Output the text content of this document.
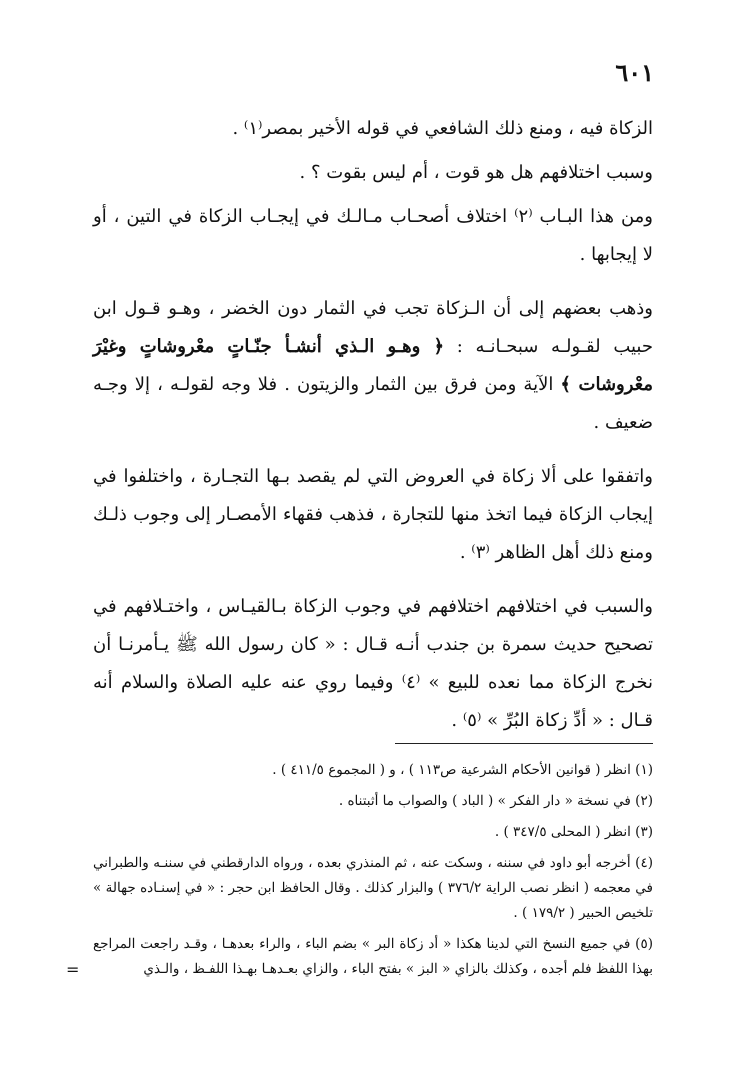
٦٠١

الزكاة فيه ، ومنع ذلك الشافعي في قوله الأخير بمصر⁽١⁾ .

وسبب اختلافهم هل هو قوت ، أم ليس بقوت ؟ .

ومن هذا البـاب ⁽٢⁾ اختلاف أصحـاب مـالـك في إيجـاب الزكاة في التين ، أو لا إيجابها .

وذهب بعضهم إلى أن الـزكاة تجب في الثمار دون الخضر ، وهـو قـول ابن حبيب لقـولـه سبحـانـه : ﴿ وهـو الـذي أنشـأ جنّـاتٍ معْروشاتٍ وغيْرَ معْروشات ﴾ الآية ومن فرق بين الثمار والزيتون . فلا وجه لقولـه ، إلا وجـه ضعيف .

واتفقوا على ألا زكاة في العروض التي لم يقصد بـها التجـارة ، واختلفوا في إيجاب الزكاة فيما اتخذ منها للتجارة ، فذهب فقهاء الأمصـار إلى وجوب ذلـك ومنع ذلك أهل الظاهر ⁽٣⁾ .

والسبب في اختلافهم اختلافهم في وجوب الزكاة بـالقيـاس ، واختـلافهم في تصحيح حديث سمرة بن جندب أنـه قـال : « كان رسول الله ﷺ يـأمرنـا أن نخرج الزكاة مما نعده للبيع » ⁽٤⁾ وفيما روي عنه عليه الصلاة والسلام أنه قـال : « أدِّ زكاة البُرِّ » ⁽٥⁾ .

(١) انظر ( قوانين الأحكام الشرعية ص١١٣ ) ، و ( المجموع ٤١١/٥ ) .

(٢) في نسخة « دار الفكر » ( الباد ) والصواب ما أثبتناه .

(٣) انظر ( المحلى ٣٤٧/٥ ) .

(٤) أخرجه أبو داود في سننه ، وسكت عنه ، ثم المنذري بعده ، ورواه الدارقطني في سننـه والطبراني في معجمه ( انظر نصب الراية ٣٧٦/٢ ) والبزار كذلك . وقال الحافظ ابن حجر : « في إسنـاده جهالة » تلخيص الحبير ( ١٧٩/٢ ) .

(٥) في جميع النسخ التي لدينا هكذا « أد زكاة البر » بضم الباء ، والراء بعدهـا ، وقـد راجعت المراجع بهذا اللفظ فلم أجده ، وكذلك بالزاي « البز » بفتح الباء ، والزاي بعـدهـا بهـذا اللفـظ ، والـذي

=
